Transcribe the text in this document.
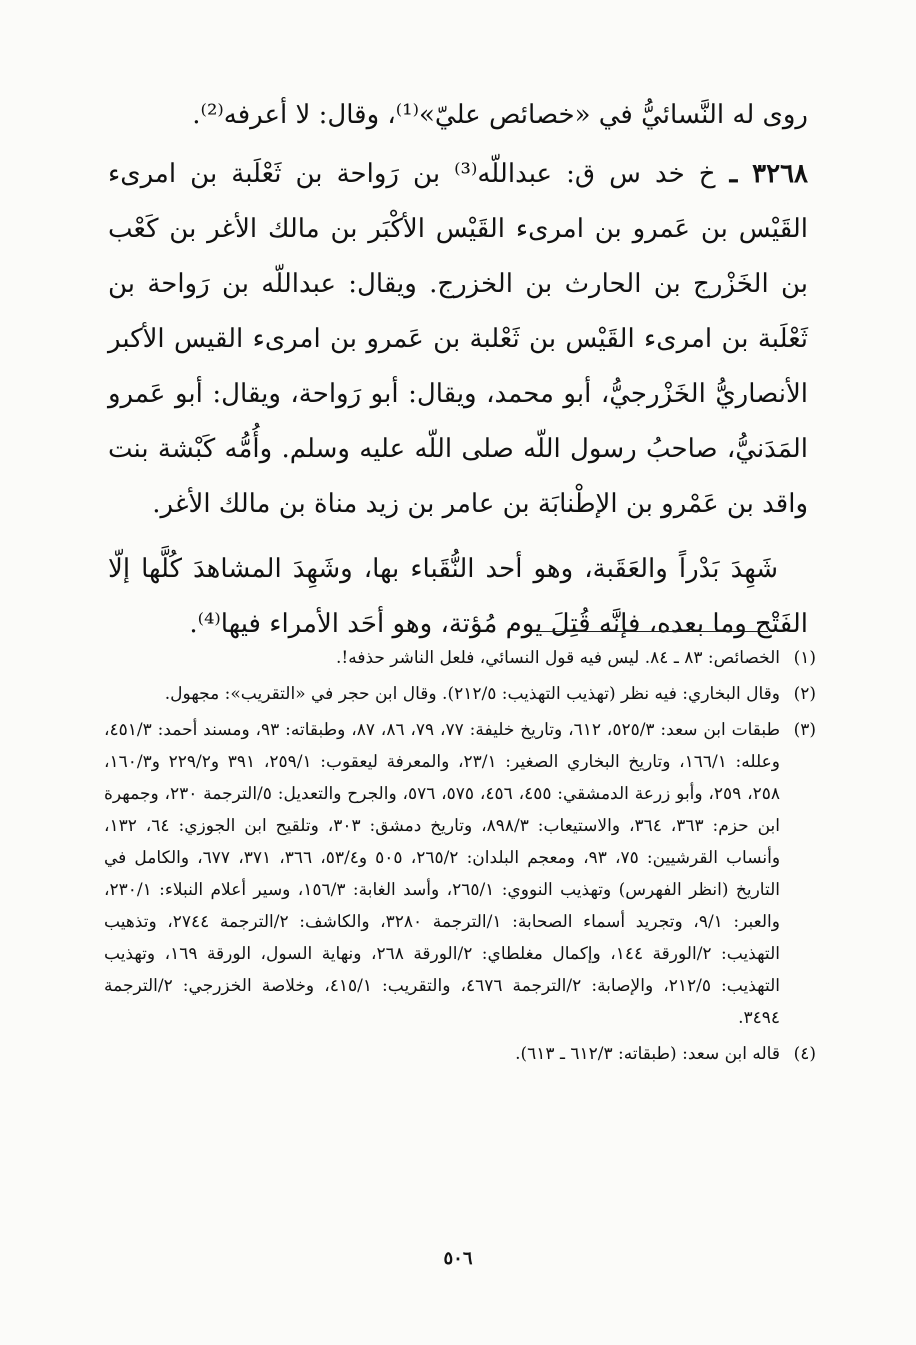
روى له النَّسائيُّ في «خصائص عليّ»⁽¹⁾، وقال: لا أعرفه⁽²⁾.

٣٢٦٨ ـ خ خد س ق: عبداللّه⁽³⁾ بن رَواحة بن ثَعْلَبة بن امرىء القَيْس بن عَمرو بن امرىء القَيْس الأكْبَر بن مالك الأغر بن كَعْب بن الخَزْرج بن الحارث بن الخزرج. ويقال: عبداللّه بن رَواحة بن ثَعْلَبة بن امرىء القَيْس بن ثَعْلبة بن عَمرو بن امرىء القيس الأكبر الأنصاريُّ الخَزْرجيُّ، أبو محمد، ويقال: أبو رَواحة، ويقال: أبو عَمرو المَدَنيُّ، صاحبُ رسول اللّه صلى اللّه عليه وسلم. وأُمُّه كَبْشة بنت واقد بن عَمْرو بن الإطْنابَة بن عامر بن زيد مناة بن مالك الأغر.

شَهِدَ بَدْراً والعَقَبة، وهو أحد النُّقَباء بها، وشَهِدَ المشاهدَ كُلَّها إلّا الفَتْح وما بعده، فإنَّه قُتِلَ يوم مُؤتة، وهو أحَد الأمراء فيها⁽⁴⁾.

(١)
الخصائص: ٨٣ ـ ٨٤. ليس فيه قول النسائي، فلعل الناشر حذفه!.
(٢)
وقال البخاري: فيه نظر (تهذيب التهذيب: ٢١٢/٥). وقال ابن حجر في «التقريب»: مجهول.
(٣)
طبقات ابن سعد: ٥٢٥/٣، ٦١٢، وتاريخ خليفة: ٧٧، ٧٩، ٨٦، ٨٧، وطبقاته: ٩٣، ومسند أحمد: ٤٥١/٣، وعلله: ١٦٦/١، وتاريخ البخاري الصغير: ٢٣/١، والمعرفة ليعقوب: ٢٥٩/١، ٣٩١ و٢٢٩/٢ و١٦٠/٣، ٢٥٨، ٢٥٩، وأبو زرعة الدمشقي: ٤٥٥، ٤٥٦، ٥٧٥، ٥٧٦، والجرح والتعديل: ٥/الترجمة ٢٣٠، وجمهرة ابن حزم: ٣٦٣، ٣٦٤، والاستيعاب: ٨٩٨/٣، وتاريخ دمشق: ٣٠٣، وتلقيح ابن الجوزي: ٦٤، ١٣٢، وأنساب القرشيين: ٧٥، ٩٣، ومعجم البلدان: ٢٦٥/٢، ٥٠٥ و٥٣/٤، ٣٦٦، ٣٧١، ٦٧٧، والكامل في التاريخ (انظر الفهرس) وتهذيب النووي: ٢٦٥/١، وأسد الغابة: ١٥٦/٣، وسير أعلام النبلاء: ٢٣٠/١، والعبر: ٩/١، وتجريد أسماء الصحابة: ١/الترجمة ٣٢٨٠، والكاشف: ٢/الترجمة ٢٧٤٤، وتذهيب التهذيب: ٢/الورقة ١٤٤، وإكمال مغلطاي: ٢/الورقة ٢٦٨، ونهاية السول، الورقة ١٦٩، وتهذيب التهذيب: ٢١٢/٥، والإصابة: ٢/الترجمة ٤٦٧٦، والتقريب: ٤١٥/١، وخلاصة الخزرجي: ٢/الترجمة ٣٤٩٤.
(٤)
قاله ابن سعد: (طبقاته: ٦١٢/٣ ـ ٦١٣).
٥٠٦
